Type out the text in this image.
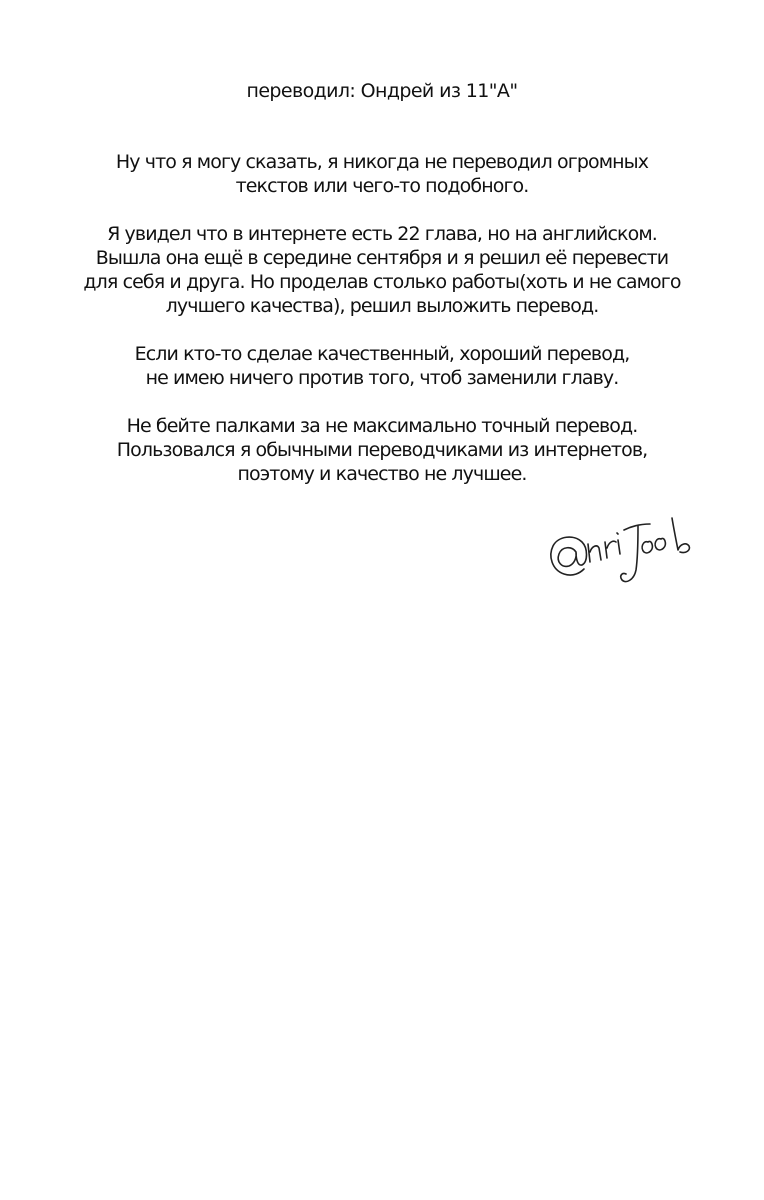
переводил: Ондрей из 11"А"

Ну что я могу сказать, я никогда не переводил огромных
текстов или чего-то подобного.

Я увидел что в интернете есть 22 глава, но на английском.
Вышла она ещё в середине сентября и я решил её перевести
для себя и друга. Но проделав столько работы(хоть и не самого
лучшего качества), решил выложить перевод.

Если кто-то сделае качественный, хороший перевод,
не имею ничего против того, чтоб заменили главу.

Не бейте палками за не максимально точный перевод.
Пользовался я обычными переводчиками из интернетов,
поэтому и качество не лучшее.
